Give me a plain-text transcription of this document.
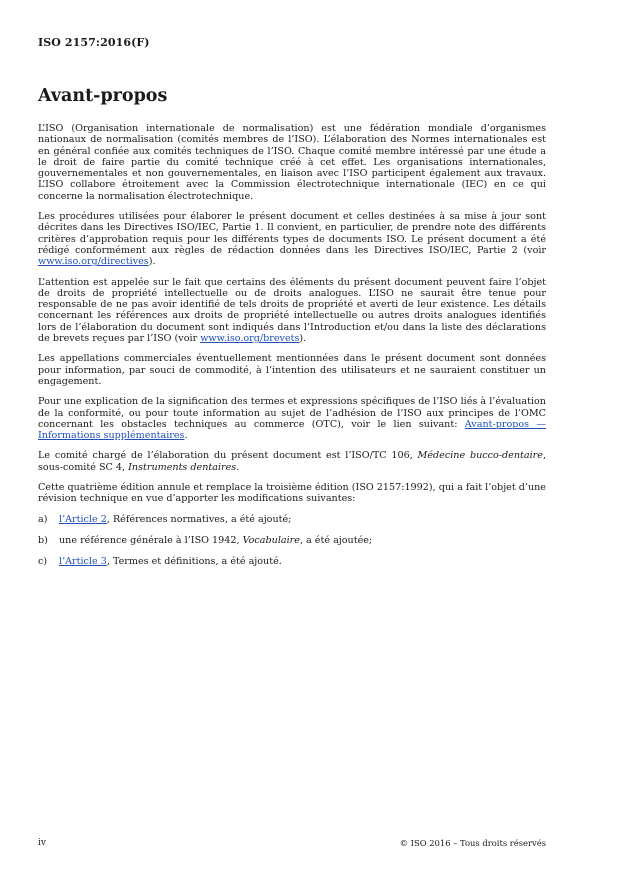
ISO 2157:2016(F)
Avant-propos

L’ISO (Organisation internationale de normalisation) est une fédération mondiale d’organismes nationaux de normalisation (comités membres de l’ISO). L’élaboration des Normes internationales est en général confiée aux comités techniques de l’ISO. Chaque comité membre intéressé par une étude a le droit de faire partie du comité technique créé à cet effet. Les organisations internationales, gouvernementales et non gouvernementales, en liaison avec l’ISO participent également aux travaux. L’ISO collabore étroitement avec la Commission électrotechnique internationale (IEC) en ce qui concerne la normalisation électrotechnique.

Les procédures utilisées pour élaborer le présent document et celles destinées à sa mise à jour sont décrites dans les Directives ISO/IEC, Partie 1. Il convient, en particulier, de prendre note des différents critères d’approbation requis pour les différents types de documents ISO. Le présent document a été rédigé conformément aux règles de rédaction données dans les Directives ISO/IEC, Partie 2 (voir www.iso.org/directives).

L’attention est appelée sur le fait que certains des éléments du présent document peuvent faire l’objet de droits de propriété intellectuelle ou de droits analogues. L’ISO ne saurait être tenue pour responsable de ne pas avoir identifié de tels droits de propriété et averti de leur existence. Les détails concernant les références aux droits de propriété intellectuelle ou autres droits analogues identifiés lors de l’élaboration du document sont indiqués dans l’Introduction et/ou dans la liste des déclarations de brevets reçues par l’ISO (voir www.iso.org/brevets).

Les appellations commerciales éventuellement mentionnées dans le présent document sont données pour information, par souci de commodité, à l’intention des utilisateurs et ne sauraient constituer un engagement.

Pour une explication de la signification des termes et expressions spécifiques de l’ISO liés à l’évaluation de la conformité, ou pour toute information au sujet de l’adhésion de l’ISO aux principes de l’OMC concernant les obstacles techniques au commerce (OTC), voir le lien suivant: Avant-propos — Informations supplémentaires.

Le comité chargé de l’élaboration du présent document est l’ISO/TC 106, Médecine bucco-dentaire, sous-comité SC 4, Instruments dentaires.

Cette quatrième édition annule et remplace la troisième édition (ISO 2157:1992), qui a fait l’objet d’une révision technique en vue d’apporter les modifications suivantes:

a)	l’Article 2, Références normatives, a été ajouté;
b)	une référence générale à l’ISO 1942, Vocabulaire, a été ajoutée;
c)	l’Article 3, Termes et définitions, a été ajouté.
iv	© ISO 2016 – Tous droits réservés
